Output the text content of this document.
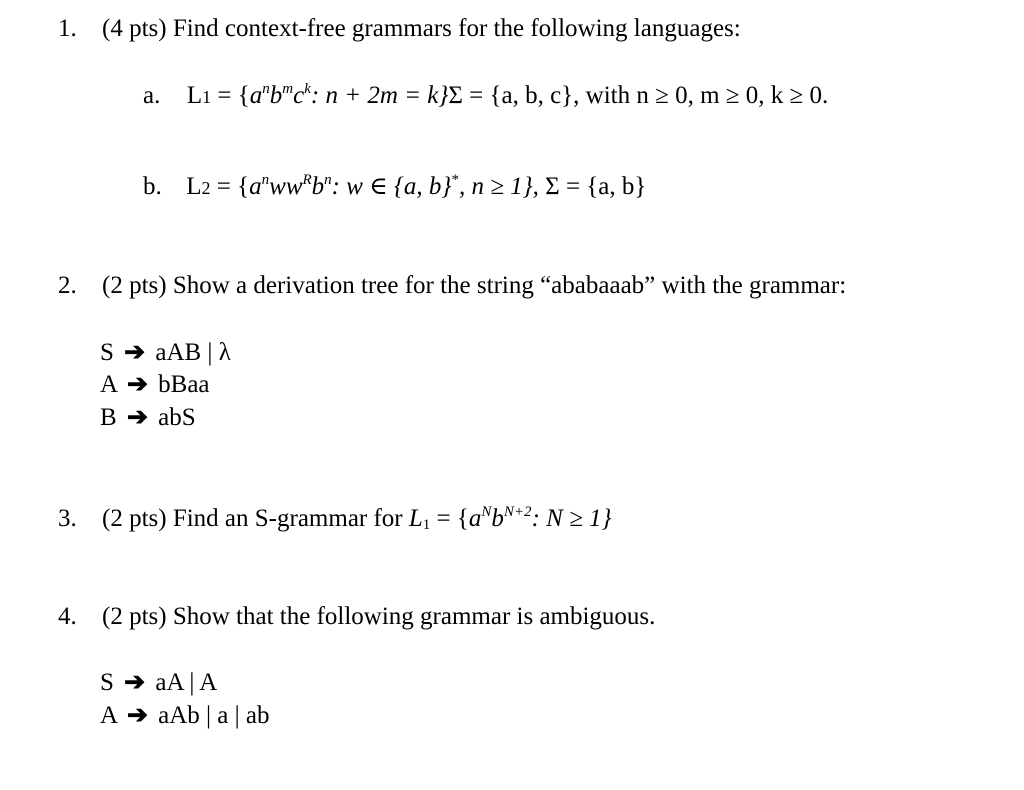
1.	(4 pts) Find context-free grammars for the following languages:
a. $L1 = \{a^nb^mc^k$: n + 2m = k}Σ = {a, b, c}, with n ≥ 0, m ≥ 0, k ≥ 0.
b. $L2 = \{a^nww^Rb^n$: w ∈ {a, b}*, n ≥ 1}, Σ = {a, b}
2.	(2 pts) Show a derivation tree for the string “ababaaab” with the grammar:
S ➔ aAB | λ
A ➔ bBaa
B ➔ abS
3.	(2 pts) Find an S-grammar for $L1 = \{a^Nb^{N+2}$: N ≥ 1}
4.	(2 pts) Show that the following grammar is ambiguous.
S ➔ aA | A
A ➔ aAb | a | ab
